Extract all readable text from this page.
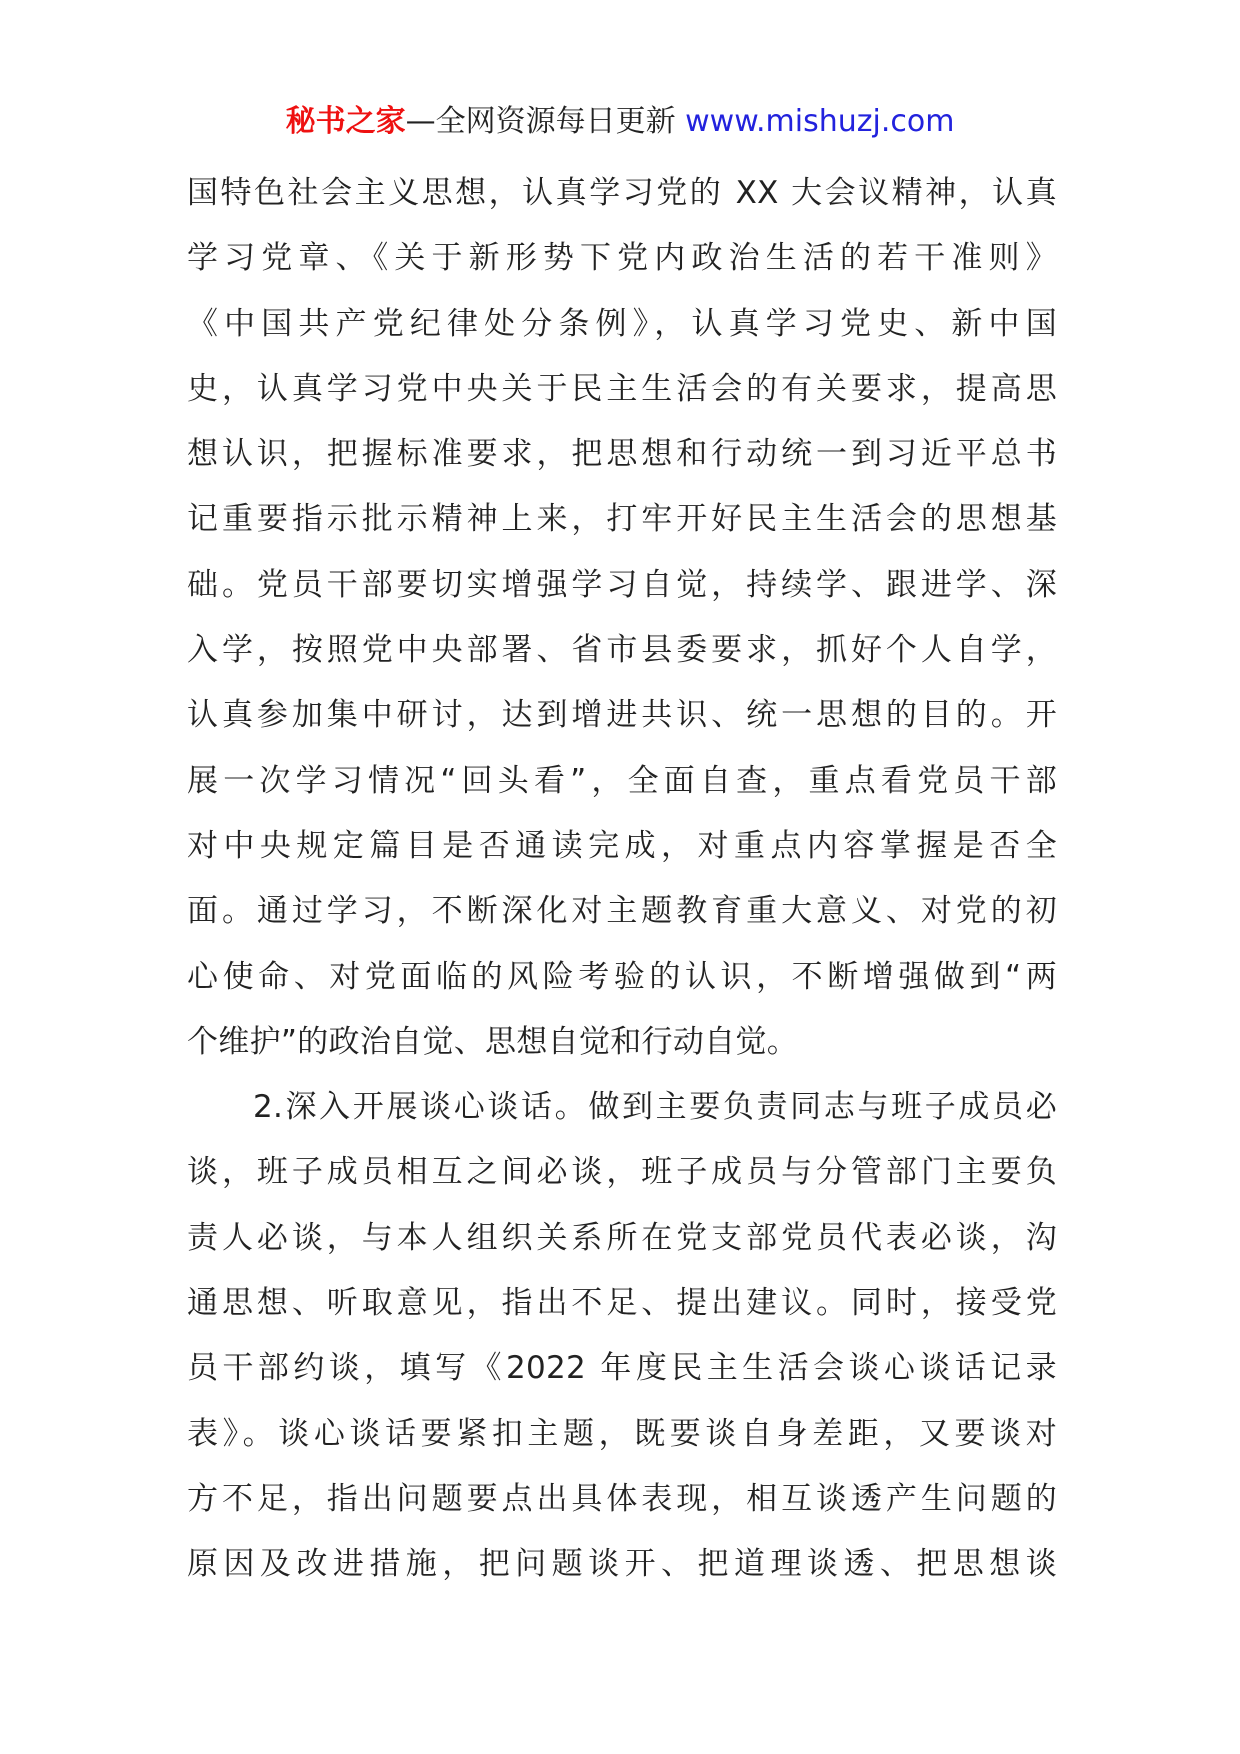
秘书之家—全网资源每日更新 www.mishuzj.com

国特色社会主义思想，认真学习党的 XX 大会议精神，认真
学习党章、《关于新形势下党内政治生活的若干准则》
《中国共产党纪律处分条例》，认真学习党史、新中国
史，认真学习党中央关于民主生活会的有关要求，提高思
想认识，把握标准要求，把思想和行动统一到习近平总书
记重要指示批示精神上来，打牢开好民主生活会的思想基
础。党员干部要切实增强学习自觉，持续学、跟进学、深
入学，按照党中央部署、省市县委要求，抓好个人自学，
认真参加集中研讨，达到增进共识、统一思想的目的。开
展一次学习情况“回头看”，全面自查，重点看党员干部
对中央规定篇目是否通读完成，对重点内容掌握是否全
面。通过学习，不断深化对主题教育重大意义、对党的初
心使命、对党面临的风险考验的认识，不断增强做到“两
个维护”的政治自觉、思想自觉和行动自觉。

2.深入开展谈心谈话。做到主要负责同志与班子成员必
谈，班子成员相互之间必谈，班子成员与分管部门主要负
责人必谈，与本人组织关系所在党支部党员代表必谈，沟
通思想、听取意见，指出不足、提出建议。同时，接受党
员干部约谈，填写《2022 年度民主生活会谈心谈话记录
表》。谈心谈话要紧扣主题，既要谈自身差距，又要谈对
方不足，指出问题要点出具体表现，相互谈透产生问题的
原因及改进措施，把问题谈开、把道理谈透、把思想谈
